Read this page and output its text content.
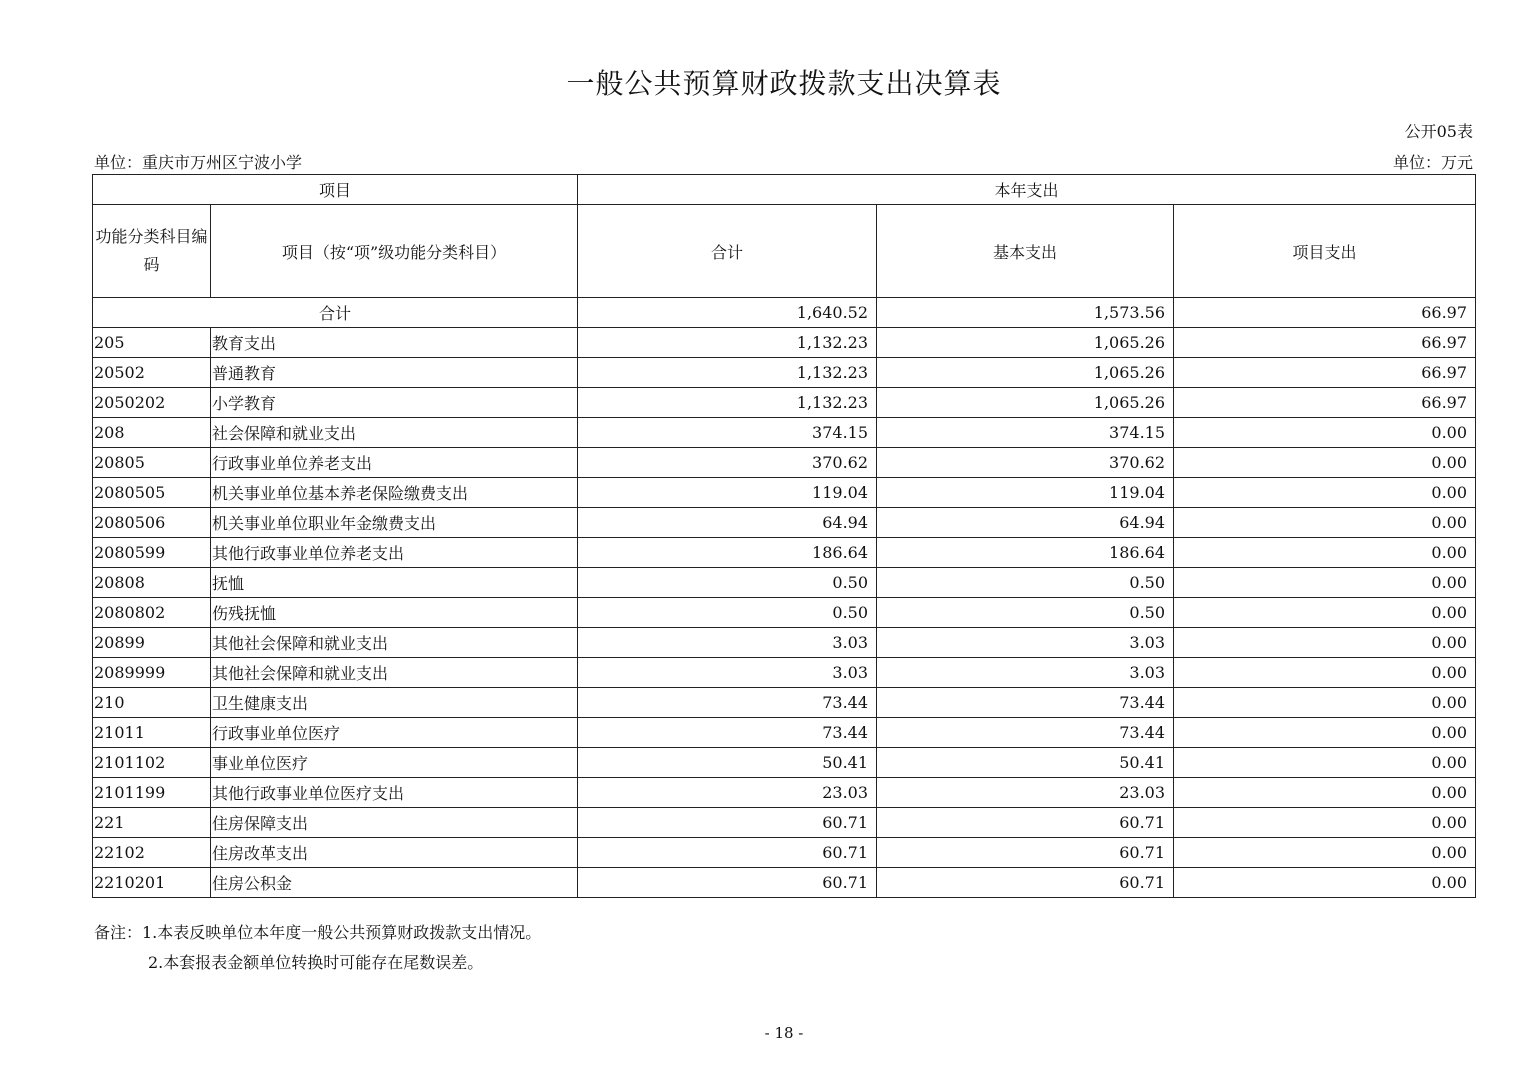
一般公共预算财政拨款支出决算表
公开05表
单位：重庆市万州区宁波小学	单位：万元
项目		本年支出		
功能分类科目编码	项目（按“项”级功能分类科目）	合计	基本支出	项目支出
合计		1,640.52	1,573.56	66.97
205	教育支出	1,132.23	1,065.26	66.97
20502	普通教育	1,132.23	1,065.26	66.97
2050202	小学教育	1,132.23	1,065.26	66.97
208	社会保障和就业支出	374.15	374.15	0.00
20805	行政事业单位养老支出	370.62	370.62	0.00
2080505	机关事业单位基本养老保险缴费支出	119.04	119.04	0.00
2080506	机关事业单位职业年金缴费支出	64.94	64.94	0.00
2080599	其他行政事业单位养老支出	186.64	186.64	0.00
20808	抚恤	0.50	0.50	0.00
2080802	伤残抚恤	0.50	0.50	0.00
20899	其他社会保障和就业支出	3.03	3.03	0.00
2089999	其他社会保障和就业支出	3.03	3.03	0.00
210	卫生健康支出	73.44	73.44	0.00
21011	行政事业单位医疗	73.44	73.44	0.00
2101102	事业单位医疗	50.41	50.41	0.00
2101199	其他行政事业单位医疗支出	23.03	23.03	0.00
221	住房保障支出	60.71	60.71	0.00
22102	住房改革支出	60.71	60.71	0.00
2210201	住房公积金	60.71	60.71	0.00
备注：1.本表反映单位本年度一般公共预算财政拨款支出情况。
2.本套报表金额单位转换时可能存在尾数误差。
- 18 -
